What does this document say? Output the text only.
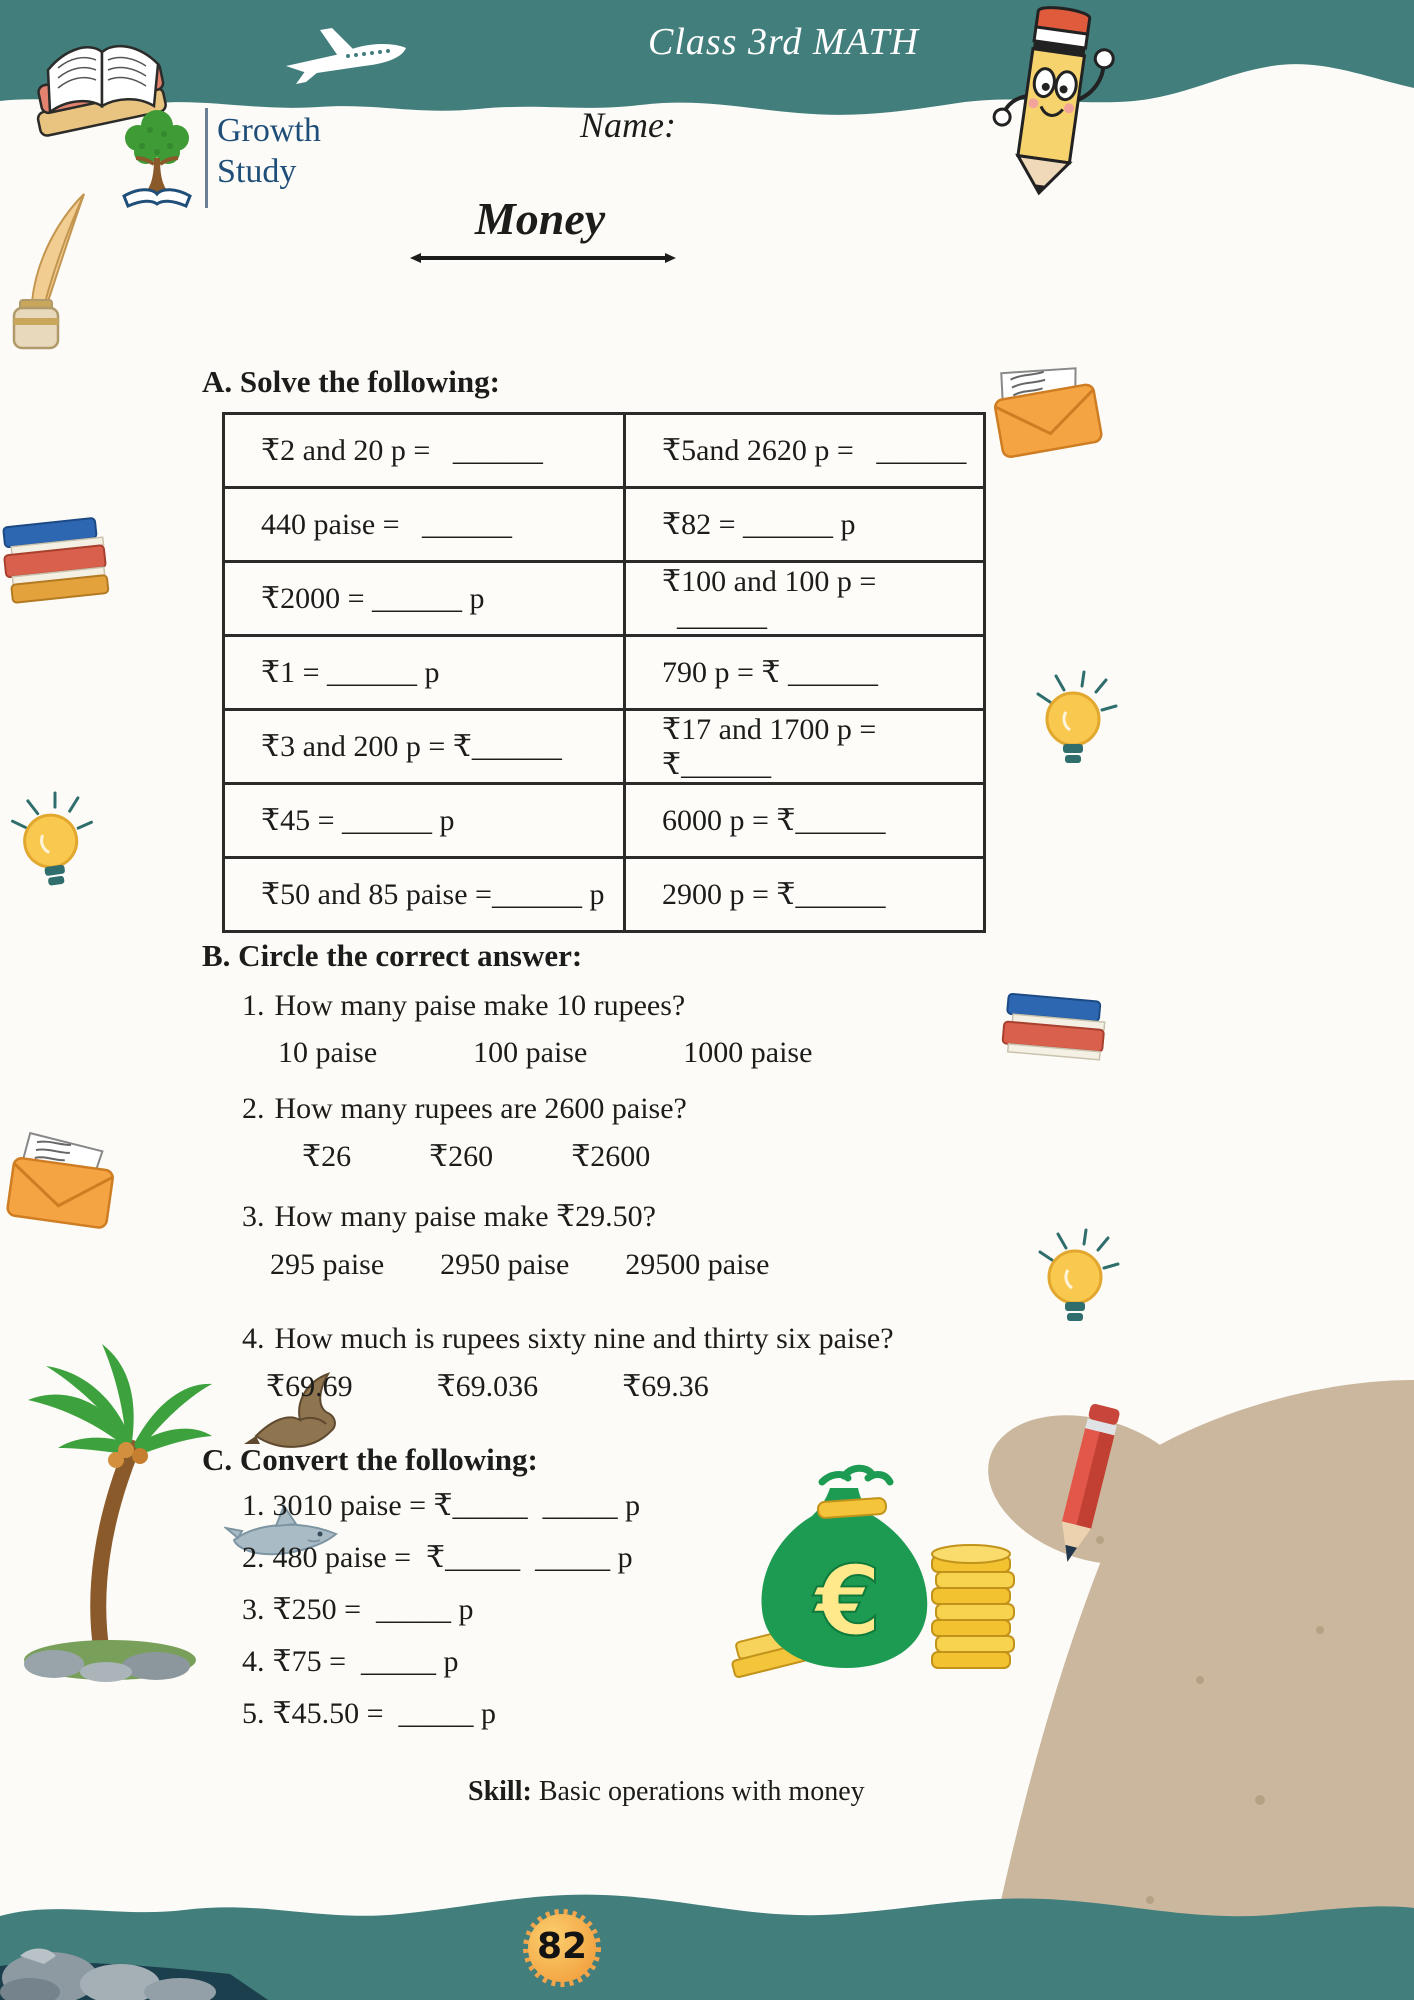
€
Growth
Study
Class 3rd MATH
Name:
Money
A. Solve the following:
₹2 and 20 p =   ______	₹5and 2620 p =   ______
440 paise =   ______	₹82 = ______ p
₹2000 = ______ p	₹100 and 100 p =   ______
₹1 = ______ p	790 p = ₹ ______
₹3 and 200 p = ₹______	₹17 and 1700 p = ₹______
₹45 = ______ p	6000 p = ₹______
₹50 and 85 paise =______ p	2900 p = ₹______
B. Circle the correct answer:
1. How many paise make 10 rupees?
10 paise	100 paise	1000 paise
2. How many rupees are 2600 paise?
₹26	₹260	₹2600
3. How many paise make ₹29.50?
295 paise 2950 paise 29500 paise
4. How much is rupees sixty nine and thirty six paise?
₹69.69	₹69.036	₹69.36
C. Convert the following:
1. 3010 paise = ₹_____  _____ p
2. 480 paise =  ₹_____  _____ p
3. ₹250 =  _____ p
4. ₹75 =  _____ p
5. ₹45.50 =  _____ p
Skill: Basic operations with money
82
